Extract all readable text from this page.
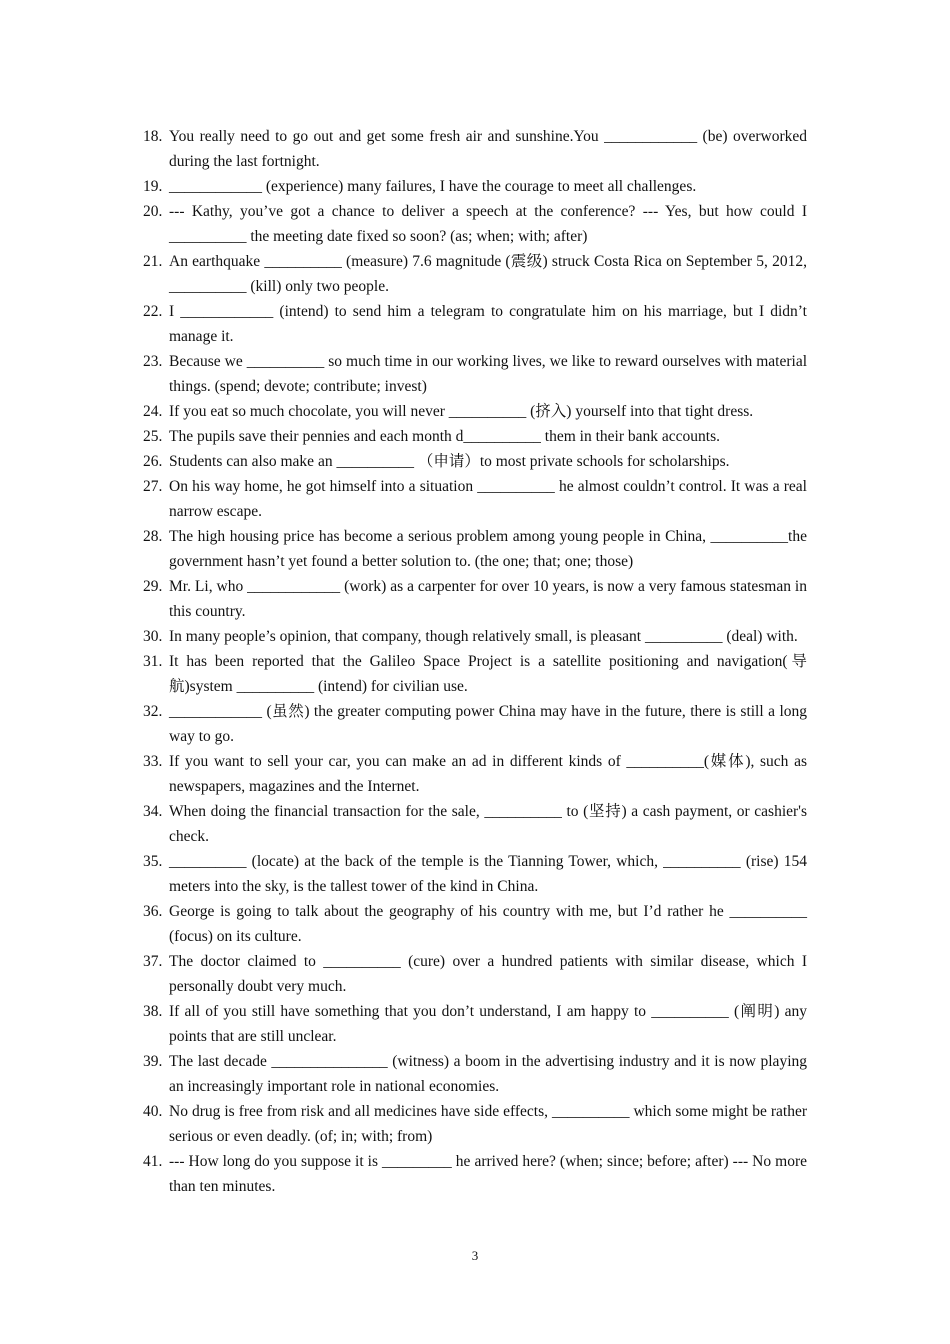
18. You really need to go out and get some fresh air and sunshine.You ____________ (be) overworked during the last fortnight.
19. ____________ (experience) many failures, I have the courage to meet all challenges.
20. --- Kathy, you’ve got a chance to deliver a speech at the conference? --- Yes, but how could I __________ the meeting date fixed so soon? (as; when; with; after)
21. An earthquake __________ (measure) 7.6 magnitude (震级) struck Costa Rica on September 5, 2012, __________ (kill) only two people.
22. I ____________ (intend) to send him a telegram to congratulate him on his marriage, but I didn’t manage it.
23. Because we __________ so much time in our working lives, we like to reward ourselves with material things. (spend; devote; contribute; invest)
24. If you eat so much chocolate, you will never __________ (挤入) yourself into that tight dress.
25. The pupils save their pennies and each month d__________ them in their bank accounts.
26. Students can also make an __________ （申请）to most private schools for scholarships.
27. On his way home, he got himself into a situation __________ he almost couldn’t control. It was a real narrow escape.
28. The high housing price has become a serious problem among young people in China, __________the government hasn’t yet found a better solution to. (the one; that; one; those)
29. Mr. Li, who ____________ (work) as a carpenter for over 10 years, is now a very famous statesman in this country.
30. In many people’s opinion, that company, though relatively small, is pleasant __________ (deal) with.
31. It has been reported that the Galileo Space Project is a satellite positioning and navigation(导航)system __________ (intend) for civilian use.
32. ____________ (虽然) the greater computing power China may have in the future, there is still a long way to go.
33. If you want to sell your car, you can make an ad in different kinds of __________(媒体), such as newspapers, magazines and the Internet.
34. When doing the financial transaction for the sale, __________ to (坚持) a cash payment, or cashier's check.
35. __________ (locate) at the back of the temple is the Tianning Tower, which, __________ (rise) 154 meters into the sky, is the tallest tower of the kind in China.
36. George is going to talk about the geography of his country with me, but I’d rather he __________ (focus) on its culture.
37. The doctor claimed to __________ (cure) over a hundred patients with similar disease, which I personally doubt very much.
38. If all of you still have something that you don’t understand, I am happy to __________ (阐明) any points that are still unclear.
39. The last decade _______________ (witness) a boom in the advertising industry and it is now playing an increasingly important role in national economies.
40. No drug is free from risk and all medicines have side effects, __________ which some might be rather serious or even deadly. (of; in; with; from)
41. --- How long do you suppose it is _________ he arrived here? (when; since; before; after) --- No more than ten minutes.
3
